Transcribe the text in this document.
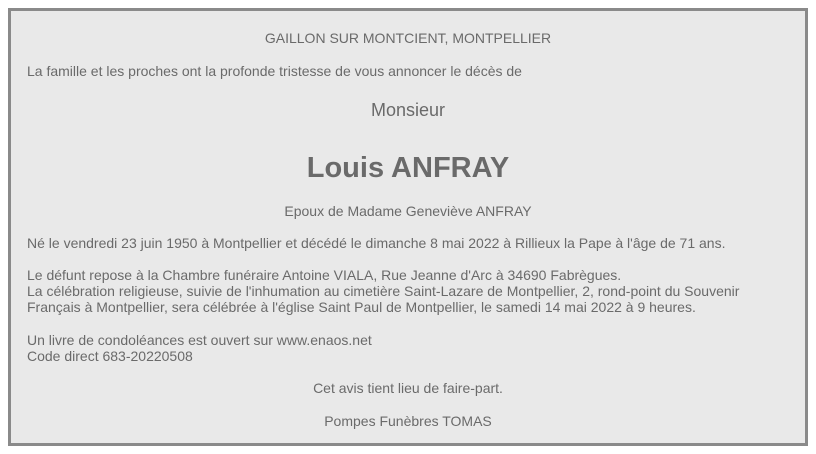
GAILLON SUR MONTCIENT, MONTPELLIER
La famille et les proches ont la profonde tristesse de vous annoncer le décès de
Monsieur
Louis ANFRAY
Epoux de Madame Geneviève ANFRAY
Né le vendredi 23 juin 1950 à Montpellier et décédé le dimanche 8 mai 2022 à Rillieux la Pape à l'âge de 71 ans.
Le défunt repose à la Chambre funéraire Antoine VIALA, Rue Jeanne d'Arc à 34690 Fabrègues.
La célébration religieuse, suivie de l'inhumation au cimetière Saint-Lazare de Montpellier, 2, rond-point du Souvenir
Français à Montpellier, sera célébrée à l'église Saint Paul de Montpellier, le samedi 14 mai 2022 à 9 heures.
Un livre de condoléances est ouvert sur www.enaos.net
Code direct 683-20220508
Cet avis tient lieu de faire-part.
Pompes Funèbres TOMAS
